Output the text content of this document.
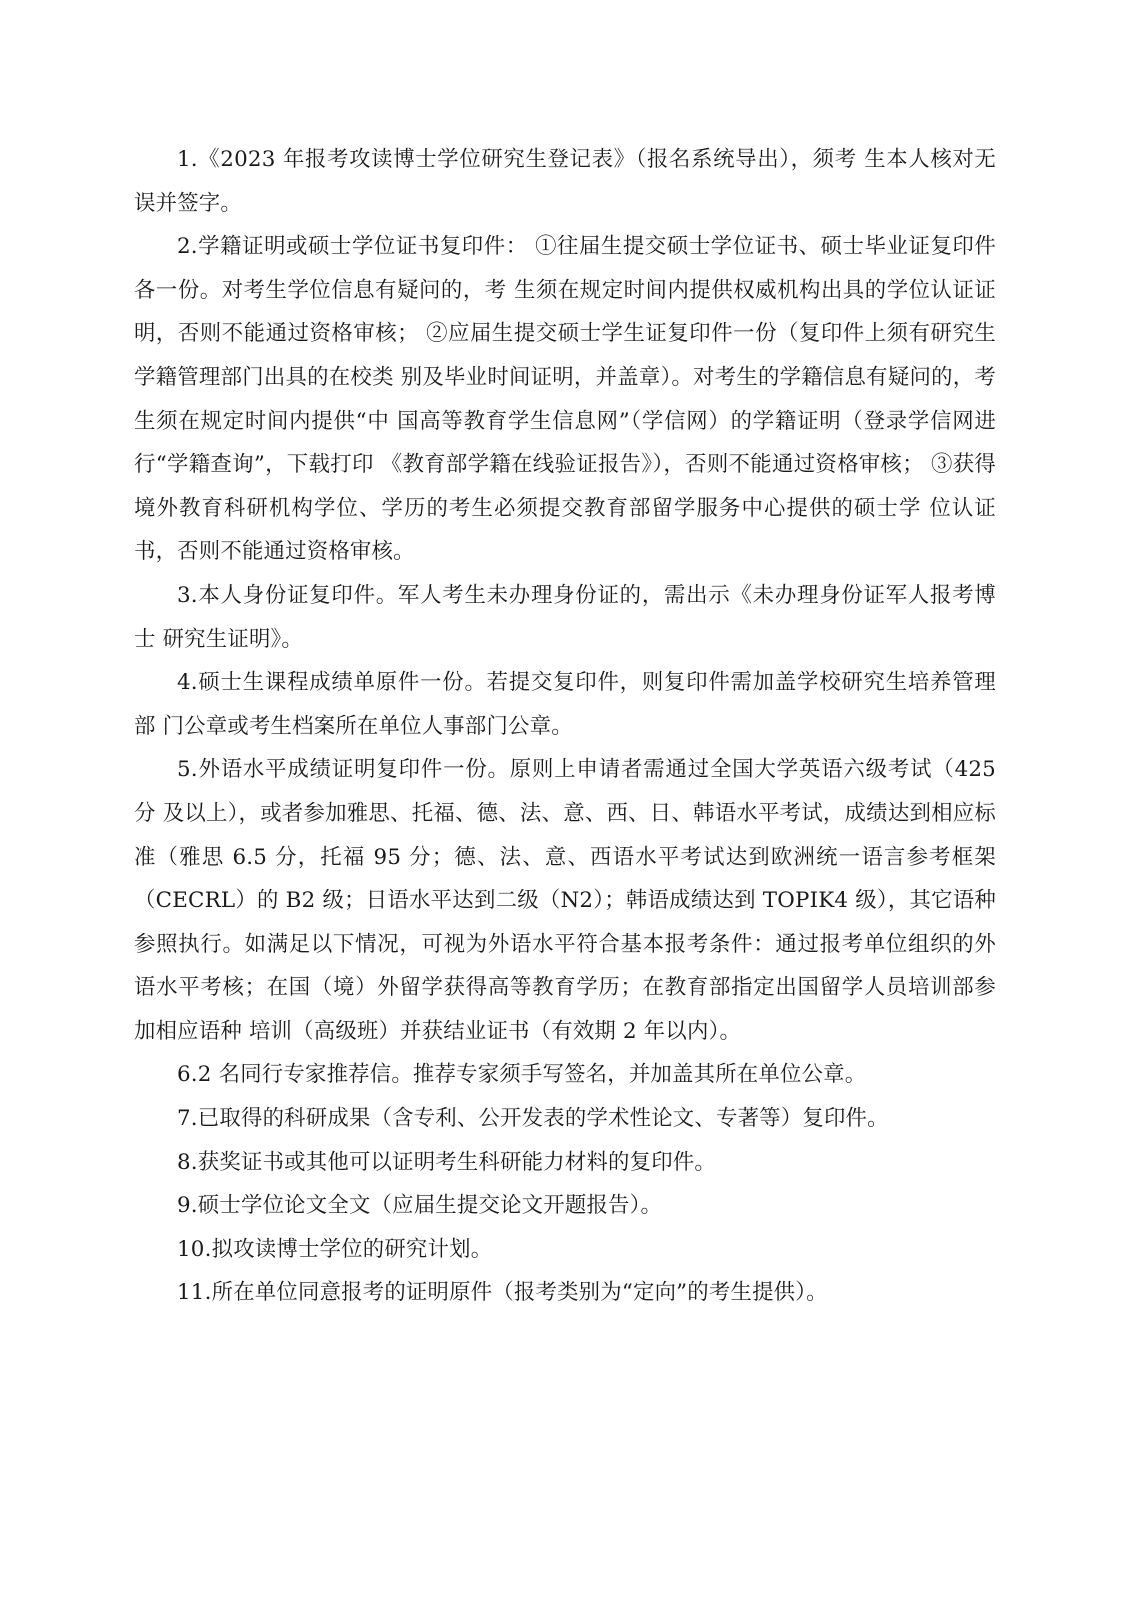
1.《2023 年报考攻读博士学位研究生登记表》（报名系统导出），须考 生本人核对无误并签字。

2.学籍证明或硕士学位证书复印件： ①往届生提交硕士学位证书、硕士毕业证复印件各一份。对考生学位信息有疑问的，考 生须在规定时间内提供权威机构出具的学位认证证明，否则不能通过资格审核； ②应届生提交硕士学生证复印件一份（复印件上须有研究生学籍管理部门出具的在校类 别及毕业时间证明，并盖章）。对考生的学籍信息有疑问的，考生须在规定时间内提供“中 国高等教育学生信息网”（学信网）的学籍证明（登录学信网进行“学籍查询”，下载打印 《教育部学籍在线验证报告》），否则不能通过资格审核； ③获得境外教育科研机构学位、学历的考生必须提交教育部留学服务中心提供的硕士学 位认证书，否则不能通过资格审核。

3.本人身份证复印件。军人考生未办理身份证的，需出示《未办理身份证军人报考博士 研究生证明》。

4.硕士生课程成绩单原件一份。若提交复印件，则复印件需加盖学校研究生培养管理部 门公章或考生档案所在单位人事部门公章。

5.外语水平成绩证明复印件一份。原则上申请者需通过全国大学英语六级考试（425 分 及以上），或者参加雅思、托福、德、法、意、西、日、韩语水平考试，成绩达到相应标准（雅思 6.5 分，托福 95 分；德、法、意、西语水平考试达到欧洲统一语言参考框架（CECRL）的 B2 级；日语水平达到二级（N2）；韩语成绩达到 TOPIK4 级），其它语种参照执行。如满足以下情况，可视为外语水平符合基本报考条件：通过报考单位组织的外语水平考核；在国（境）外留学获得高等教育学历；在教育部指定出国留学人员培训部参加相应语种 培训（高级班）并获结业证书（有效期 2 年以内）。

6.2 名同行专家推荐信。推荐专家须手写签名，并加盖其所在单位公章。

7.已取得的科研成果（含专利、公开发表的学术性论文、专著等）复印件。

8.获奖证书或其他可以证明考生科研能力材料的复印件。

9.硕士学位论文全文（应届生提交论文开题报告）。

10.拟攻读博士学位的研究计划。

11.所在单位同意报考的证明原件（报考类别为“定向”的考生提供）。
